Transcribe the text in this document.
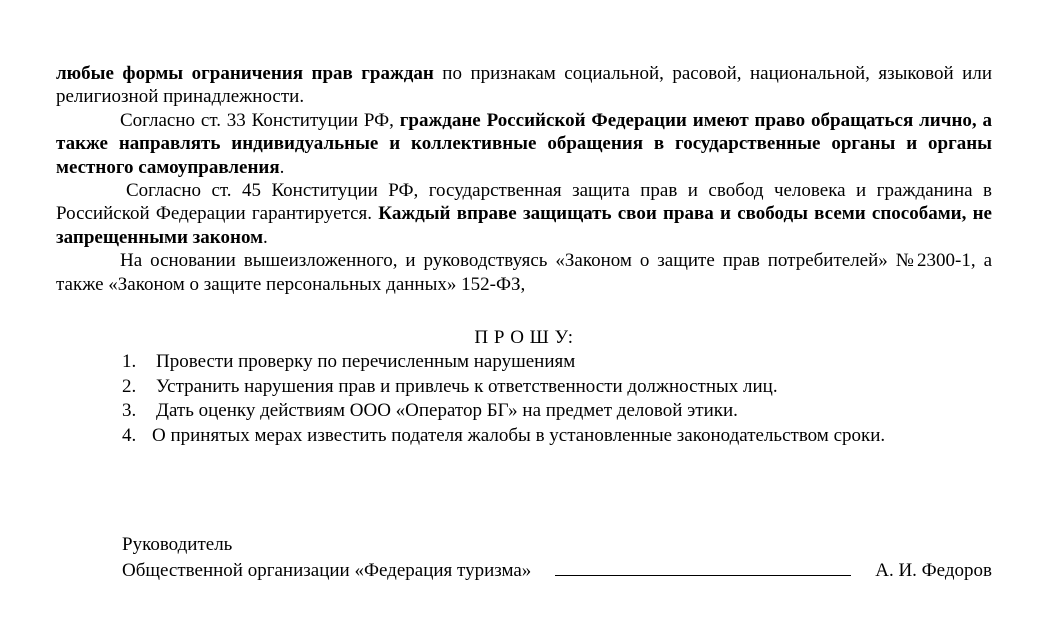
любые формы ограничения прав граждан по признакам социальной, расовой, национальной, языковой или религиозной принадлежности.

Согласно ст. 33 Конституции РФ, граждане Российской Федерации имеют право обращаться лично, а также направлять индивидуальные и коллективные обращения в государственные органы и органы местного самоуправления.

Согласно ст. 45 Конституции РФ, государственная защита прав и свобод человека и гражданина в Российской Федерации гарантируется. Каждый вправе защищать свои права и свободы всеми способами, не запрещенными законом.

На основании вышеизложенного, и руководствуясь «Законом о защите прав потребителей» №2300-1, а также «Законом о защите персональных данных» 152-ФЗ,

П Р О Ш У:

1.	Провести проверку по перечисленным нарушениям
2.	Устранить нарушения прав и привлечь к ответственности должностных лиц.
3.	Дать оценку действиям ООО «Оператор БГ» на предмет деловой этики.
4. О принятых мерах известить подателя жалобы в установленные законодательством сроки.
Руководитель
Общественной организации «Федерация туризма»	А. И. Федоров
